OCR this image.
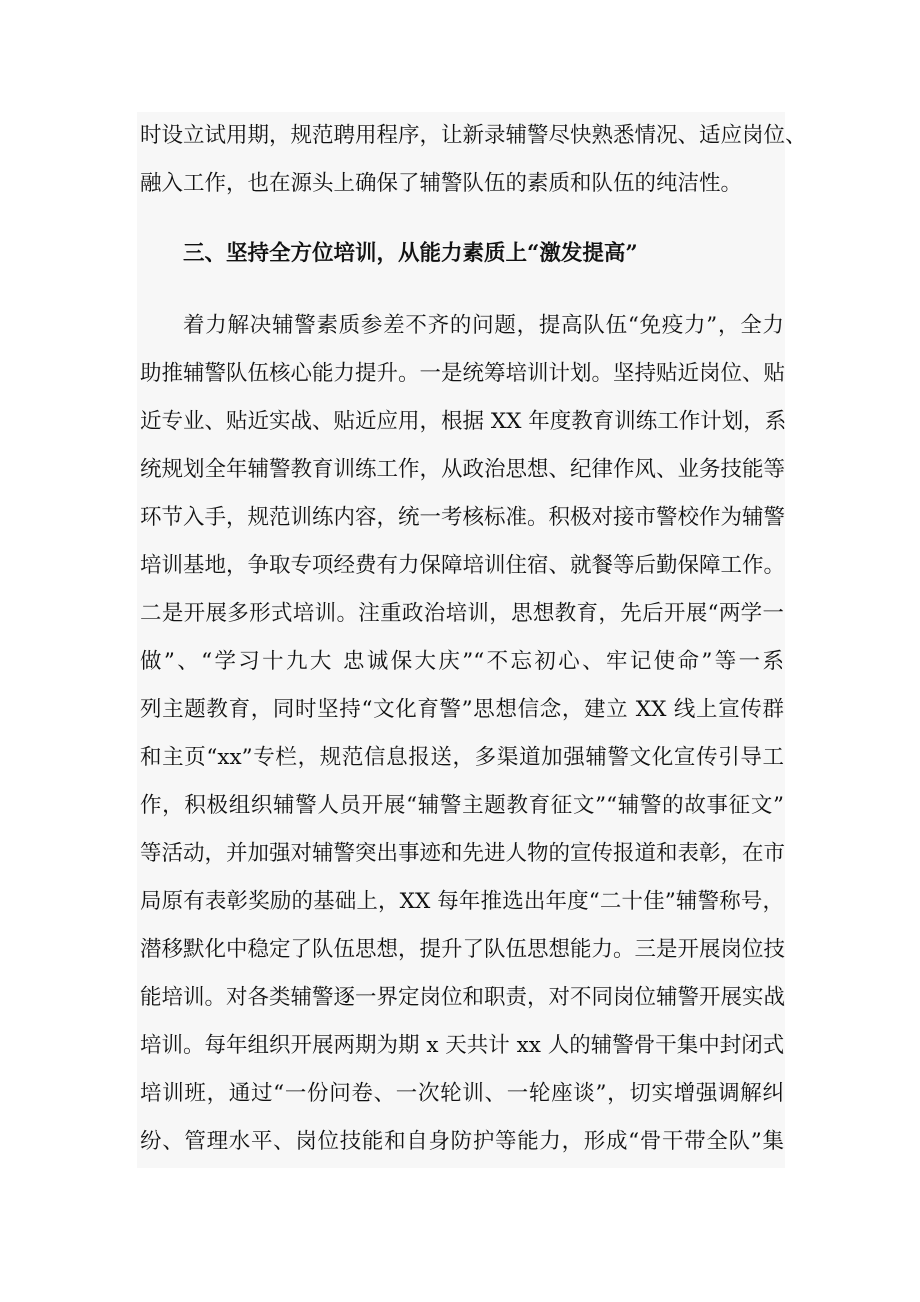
时设立试用期，规范聘用程序，让新录辅警尽快熟悉情况、适应岗位、
融入工作，也在源头上确保了辅警队伍的素质和队伍的纯洁性。
三、坚持全方位培训，从能力素质上“激发提高”
着力解决辅警素质参差不齐的问题，提高队伍“免疫力”，全力
助推辅警队伍核心能力提升。一是统筹培训计划。坚持贴近岗位、贴
近专业、贴近实战、贴近应用，根据 XX 年度教育训练工作计划，系
统规划全年辅警教育训练工作，从政治思想、纪律作风、业务技能等
环节入手，规范训练内容，统一考核标准。积极对接市警校作为辅警
培训基地，争取专项经费有力保障培训住宿、就餐等后勤保障工作。
二是开展多形式培训。注重政治培训，思想教育，先后开展“两学一
做”、“学习十九大 忠诚保大庆”“不忘初心、牢记使命”等一系
列主题教育，同时坚持“文化育警”思想信念，建立 XX 线上宣传群
和主页“xx”专栏，规范信息报送，多渠道加强辅警文化宣传引导工
作，积极组织辅警人员开展“辅警主题教育征文”“辅警的故事征文”
等活动，并加强对辅警突出事迹和先进人物的宣传报道和表彰，在市
局原有表彰奖励的基础上，XX 每年推选出年度“二十佳”辅警称号，
潜移默化中稳定了队伍思想，提升了队伍思想能力。三是开展岗位技
能培训。对各类辅警逐一界定岗位和职责，对不同岗位辅警开展实战
培训。每年组织开展两期为期 x 天共计 xx 人的辅警骨干集中封闭式
培训班，通过“一份问卷、一次轮训、一轮座谈”，切实增强调解纠
纷、管理水平、岗位技能和自身防护等能力，形成“骨干带全队”集
